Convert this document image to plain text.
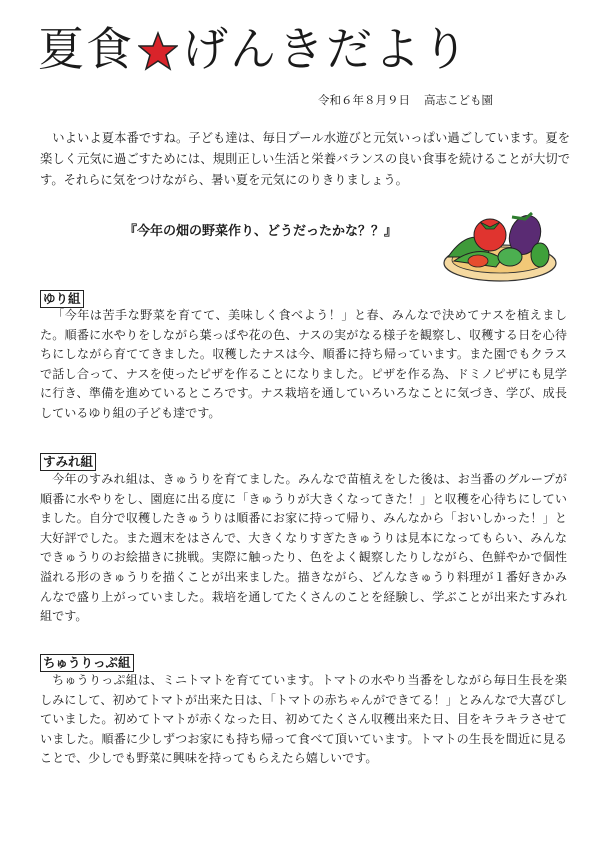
夏食 げんきだより
令和６年８月９日 高志こども園

いよいよ夏本番ですね。子ども達は、毎日プール水遊びと元気いっぱい過ごしています。夏を楽しく元気に過ごすためには、規則正しい生活と栄養バランスの良い食事を続けることが大切です。それらに気をつけながら、暑い夏を元気にのりきりましょう。

『今年の畑の野菜作り、どうだったかな？？』
ゆり組

「今年は苦手な野菜を育てて、美味しく食べよう！」と春、みんなで決めてナスを植えました。順番に水やりをしながら葉っぱや花の色、ナスの実がなる様子を観察し、収穫する日を心待ちにしながら育ててきました。収穫したナスは今、順番に持ち帰っています。また園でもクラスで話し合って、ナスを使ったピザを作ることになりました。ピザを作る為、ドミノピザにも見学に行き、準備を進めているところです。ナス栽培を通していろいろなことに気づき、学び、成長しているゆり組の子ども達です。

すみれ組

今年のすみれ組は、きゅうりを育てました。みんなで苗植えをした後は、お当番のグループが順番に水やりをし、園庭に出る度に「きゅうりが大きくなってきた！」と収穫を心待ちにしていました。自分で収穫したきゅうりは順番にお家に持って帰り、みんなから「おいしかった！」と大好評でした。また週末をはさんで、大きくなりすぎたきゅうりは見本になってもらい、みんなできゅうりのお絵描きに挑戦。実際に触ったり、色をよく観察したりしながら、色鮮やかで個性溢れる形のきゅうりを描くことが出来ました。描きながら、どんなきゅうり料理が１番好きかみんなで盛り上がっていました。栽培を通してたくさんのことを経験し、学ぶことが出来たすみれ組です。

ちゅうりっぷ組

ちゅうりっぷ組は、ミニトマトを育てています。トマトの水やり当番をしながら毎日生長を楽しみにして、初めてトマトが出来た日は、「トマトの赤ちゃんができてる！」とみんなで大喜びしていました。初めてトマトが赤くなった日、初めてたくさん収穫出来た日、目をキラキラさせていました。順番に少しずつお家にも持ち帰って食べて頂いています。トマトの生長を間近に見ることで、少しでも野菜に興味を持ってもらえたら嬉しいです。
